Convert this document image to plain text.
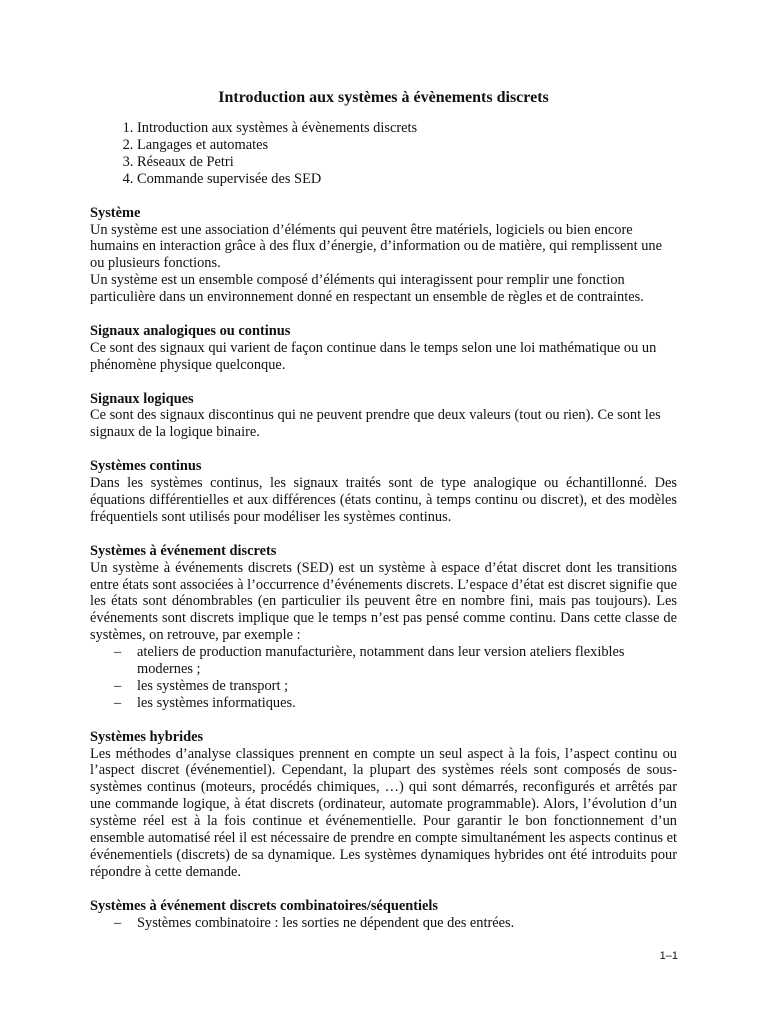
Introduction aux systèmes à évènements discrets
1. Introduction aux systèmes à évènements discrets
2. Langages et automates
3. Réseaux de Petri
4. Commande supervisée des SED
Système

Un système est une association d’éléments qui peuvent être matériels, logiciels ou bien encore humains en interaction grâce à des flux d’énergie, d’information ou de matière, qui remplissent une ou plusieurs fonctions.

Un système est un ensemble composé d’éléments qui interagissent pour remplir une fonction particulière dans un environnement donné en respectant un ensemble de règles et de contraintes.

Signaux analogiques ou continus

Ce sont des signaux qui varient de façon continue dans le temps selon une loi mathématique ou un phénomène physique quelconque.

Signaux logiques

Ce sont des signaux discontinus qui ne peuvent prendre que deux valeurs (tout ou rien). Ce sont les signaux de la logique binaire.

Systèmes continus

Dans les systèmes continus, les signaux traités sont de type analogique ou échantillonné. Des équations différentielles et aux différences (états continu, à temps continu ou discret), et des modèles fréquentiels sont utilisés pour modéliser les systèmes continus.

Systèmes à événement discrets

Un système à événements discrets (SED) est un système à espace d’état discret dont les transitions entre états sont associées à l’occurrence d’événements discrets. L’espace d’état est discret signifie que les états sont dénombrables (en particulier ils peuvent être en nombre fini, mais pas toujours). Les événements sont discrets implique que le temps n’est pas pensé comme continu. Dans cette classe de systèmes, on retrouve, par exemple :

– ateliers de production manufacturière, notamment dans leur version ateliers flexibles modernes ;
– les systèmes de transport ;
– les systèmes informatiques.
Systèmes hybrides

Les méthodes d’analyse classiques prennent en compte un seul aspect à la fois, l’aspect continu ou l’aspect discret (événementiel). Cependant, la plupart des systèmes réels sont composés de sous-systèmes continus (moteurs, procédés chimiques, …) qui sont démarrés, reconfigurés et arrêtés par une commande logique, à état discrets (ordinateur, automate programmable). Alors, l’évolution d’un système réel est à la fois continue et événementielle. Pour garantir le bon fonctionnement d’un ensemble automatisé réel il est nécessaire de prendre en compte simultanément les aspects continus et événementiels (discrets) de sa dynamique. Les systèmes dynamiques hybrides ont été introduits pour répondre à cette demande.

Systèmes à événement discrets combinatoires/séquentiels
– Systèmes combinatoire : les sorties ne dépendent que des entrées.
1–1
